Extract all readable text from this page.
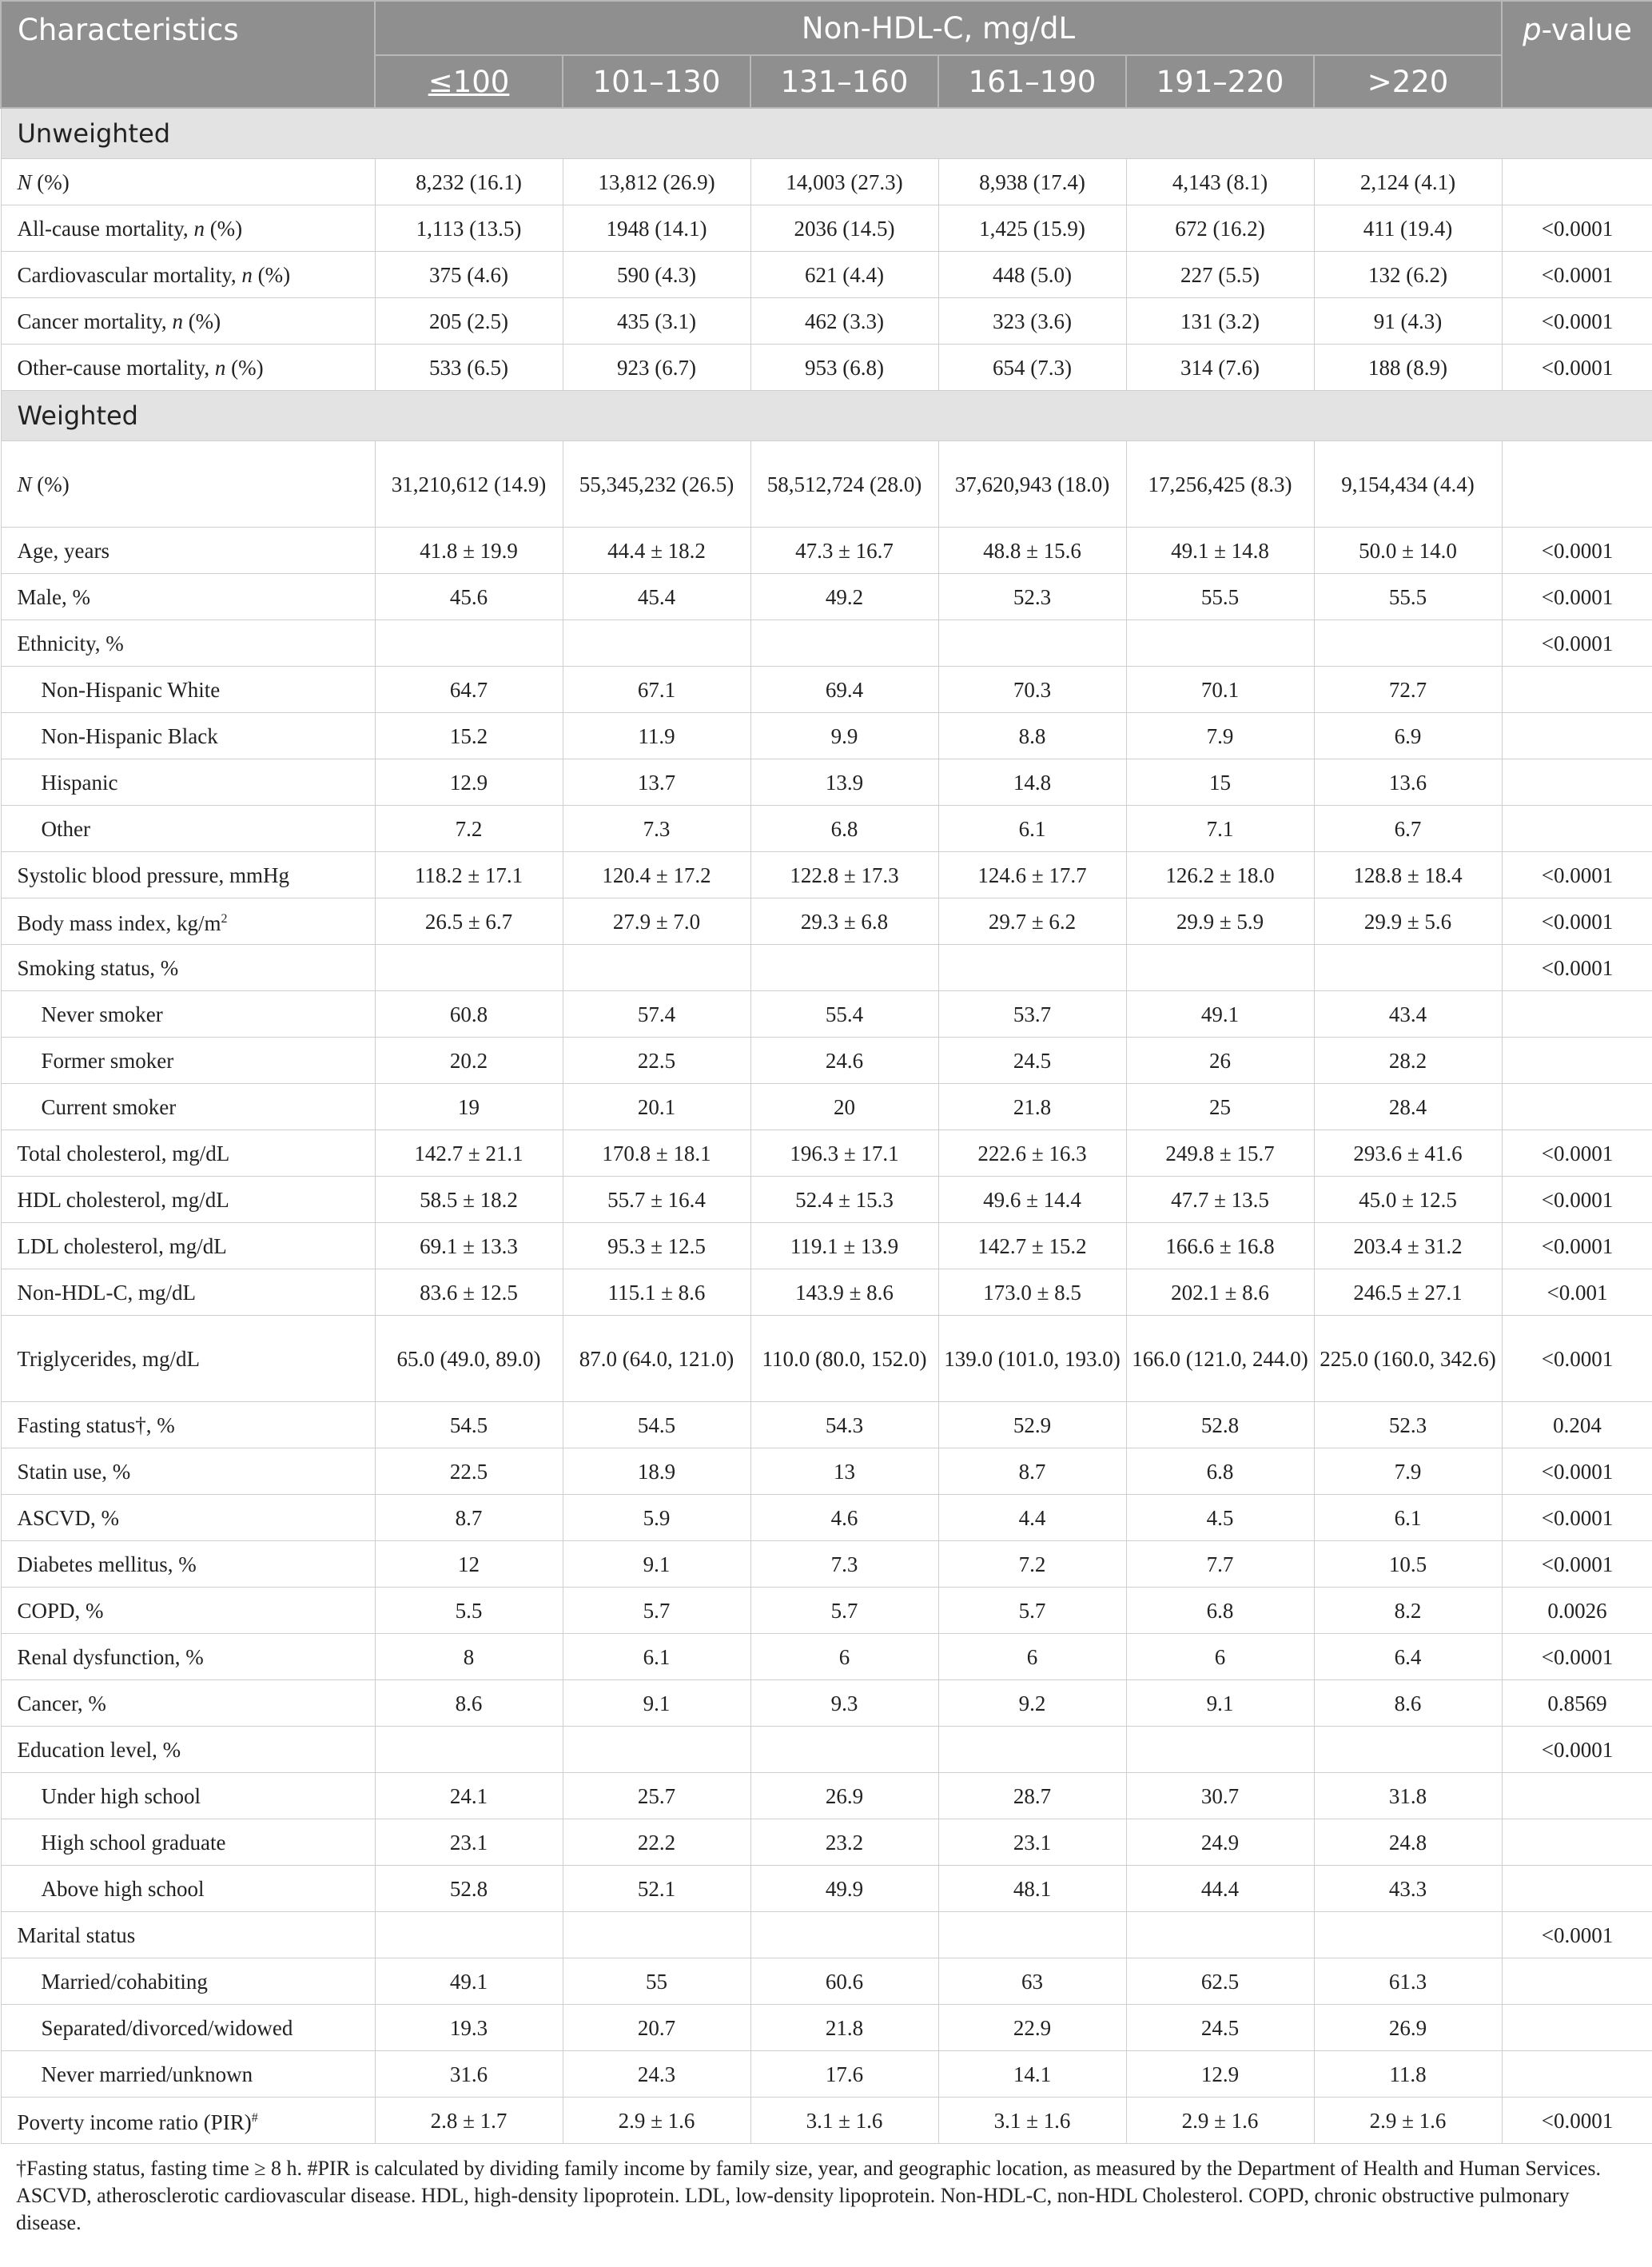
Characteristics	Non-HDL-C, mg/dL						p-value
	≤100	101–130	131–160	161–190	191–220	>220	
Unweighted							
N (%)	8,232 (16.1)	13,812 (26.9)	14,003 (27.3)	8,938 (17.4)	4,143 (8.1)	2,124 (4.1)	
All-cause mortality, n (%)	1,113 (13.5)	1948 (14.1)	2036 (14.5)	1,425 (15.9)	672 (16.2)	411 (19.4)	<0.0001
Cardiovascular mortality, n (%)	375 (4.6)	590 (4.3)	621 (4.4)	448 (5.0)	227 (5.5)	132 (6.2)	<0.0001
Cancer mortality, n (%)	205 (2.5)	435 (3.1)	462 (3.3)	323 (3.6)	131 (3.2)	91 (4.3)	<0.0001
Other-cause mortality, n (%)	533 (6.5)	923 (6.7)	953 (6.8)	654 (7.3)	314 (7.6)	188 (8.9)	<0.0001
Weighted							
N (%)	31,210,612 (14.9)	55,345,232 (26.5)	58,512,724 (28.0)	37,620,943 (18.0)	17,256,425 (8.3)	9,154,434 (4.4)	
Age, years	41.8 ± 19.9	44.4 ± 18.2	47.3 ± 16.7	48.8 ± 15.6	49.1 ± 14.8	50.0 ± 14.0	<0.0001
Male, %	45.6	45.4	49.2	52.3	55.5	55.5	<0.0001
Ethnicity, %							<0.0001
Non-Hispanic White	64.7	67.1	69.4	70.3	70.1	72.7	
Non-Hispanic Black	15.2	11.9	9.9	8.8	7.9	6.9	
Hispanic	12.9	13.7	13.9	14.8	15	13.6	
Other	7.2	7.3	6.8	6.1	7.1	6.7	
Systolic blood pressure, mmHg	118.2 ± 17.1	120.4 ± 17.2	122.8 ± 17.3	124.6 ± 17.7	126.2 ± 18.0	128.8 ± 18.4	<0.0001
Body mass index, $kg/m^2$	26.5 ± 6.7	27.9 ± 7.0	29.3 ± 6.8	29.7 ± 6.2	29.9 ± 5.9	29.9 ± 5.6	<0.0001
Smoking status, %							<0.0001
Never smoker	60.8	57.4	55.4	53.7	49.1	43.4	
Former smoker	20.2	22.5	24.6	24.5	26	28.2	
Current smoker	19	20.1	20	21.8	25	28.4	
Total cholesterol, mg/dL	142.7 ± 21.1	170.8 ± 18.1	196.3 ± 17.1	222.6 ± 16.3	249.8 ± 15.7	293.6 ± 41.6	<0.0001
HDL cholesterol, mg/dL	58.5 ± 18.2	55.7 ± 16.4	52.4 ± 15.3	49.6 ± 14.4	47.7 ± 13.5	45.0 ± 12.5	<0.0001
LDL cholesterol, mg/dL	69.1 ± 13.3	95.3 ± 12.5	119.1 ± 13.9	142.7 ± 15.2	166.6 ± 16.8	203.4 ± 31.2	<0.0001
Non-HDL-C, mg/dL	83.6 ± 12.5	115.1 ± 8.6	143.9 ± 8.6	173.0 ± 8.5	202.1 ± 8.6	246.5 ± 27.1	<0.001
Triglycerides, mg/dL	65.0 (49.0, 89.0)	87.0 (64.0, 121.0)	110.0 (80.0, 152.0)	139.0 (101.0, 193.0)	166.0 (121.0, 244.0)	225.0 (160.0, 342.6)	<0.0001
Fasting status†, %	54.5	54.5	54.3	52.9	52.8	52.3	0.204
Statin use, %	22.5	18.9	13	8.7	6.8	7.9	<0.0001
ASCVD, %	8.7	5.9	4.6	4.4	4.5	6.1	<0.0001
Diabetes mellitus, %	12	9.1	7.3	7.2	7.7	10.5	<0.0001
COPD, %	5.5	5.7	5.7	5.7	6.8	8.2	0.0026
Renal dysfunction, %	8	6.1	6	6	6	6.4	<0.0001
Cancer, %	8.6	9.1	9.3	9.2	9.1	8.6	0.8569
Education level, %							<0.0001
Under high school	24.1	25.7	26.9	28.7	30.7	31.8	
High school graduate	23.1	22.2	23.2	23.1	24.9	24.8	
Above high school	52.8	52.1	49.9	48.1	44.4	43.3	
Marital status							<0.0001
Married/cohabiting	49.1	55	60.6	63	62.5	61.3	
Separated/divorced/widowed	19.3	20.7	21.8	22.9	24.5	26.9	
Never married/unknown	31.6	24.3	17.6	14.1	12.9	11.8	
Poverty income ratio (PIR)#	2.8 ± 1.7	2.9 ± 1.6	3.1 ± 1.6	3.1 ± 1.6	2.9 ± 1.6	2.9 ± 1.6	<0.0001
†Fasting status, fasting time ≥ 8 h. #PIR is calculated by dividing family income by family size, year, and geographic location, as measured by the Department of Health and Human Services. ASCVD, atherosclerotic cardiovascular disease. HDL, high-density lipoprotein. LDL, low-density lipoprotein. Non-HDL-C, non-HDL Cholesterol. COPD, chronic obstructive pulmonary disease.
